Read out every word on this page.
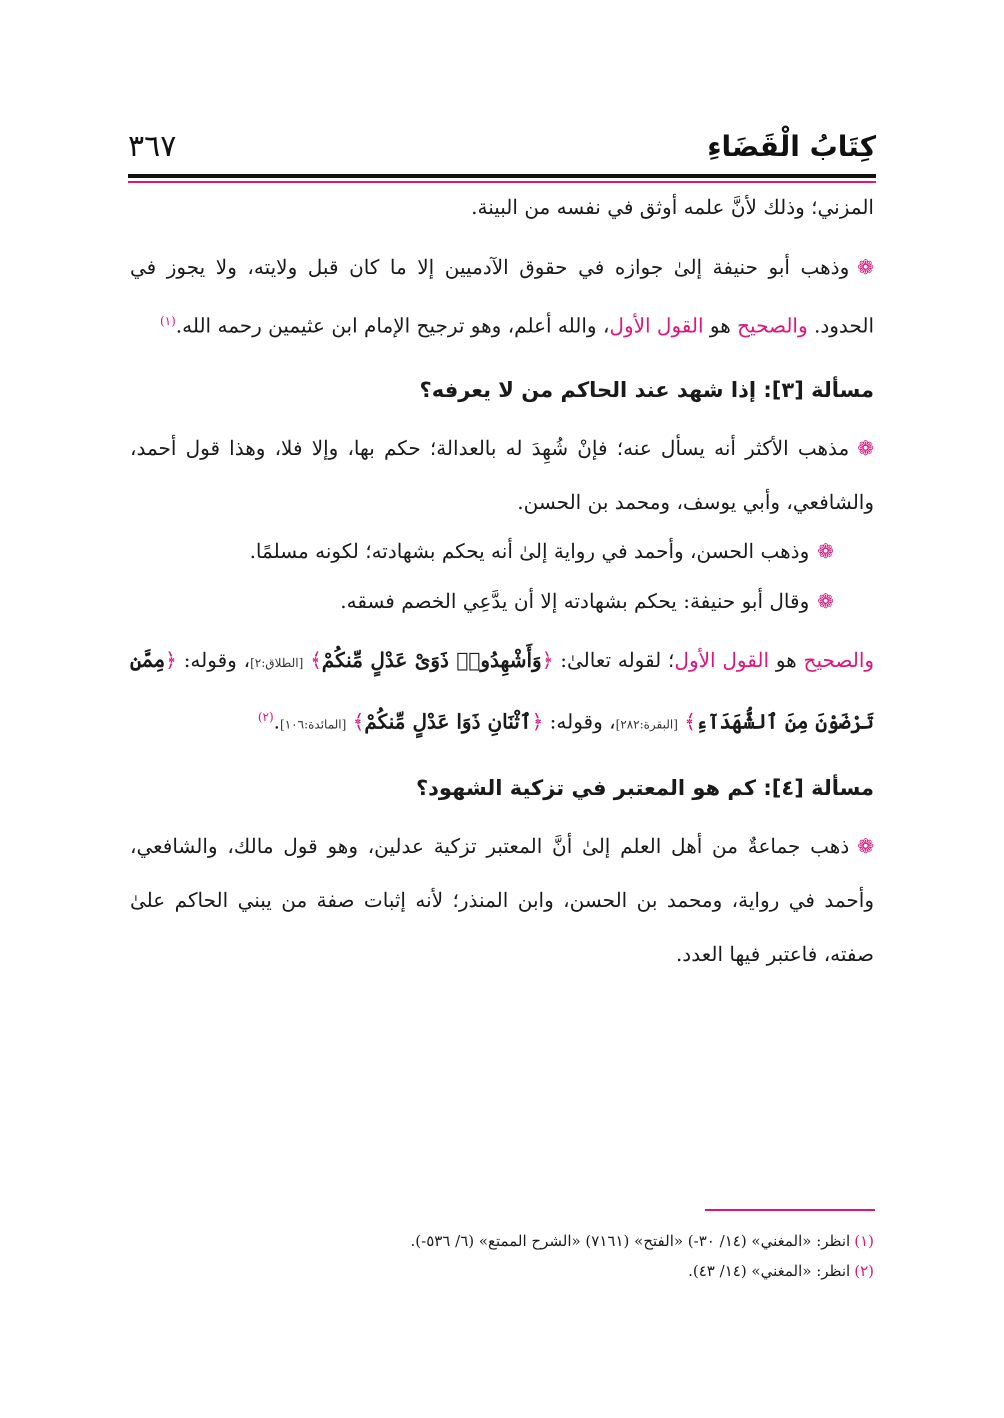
كِتَابُ الْقَضَاءِ
٣٦٧

المزني؛ وذلك لأنَّ علمه أوثق في نفسه من البينة.

❁وذهب أبو حنيفة إلىٰ جوازه في حقوق الآدميين إلا ما كان قبل ولايته، ولا يجوز في الحدود. والصحيح هو القول الأول، والله أعلم، وهو ترجيح الإمام ابن عثيمين رحمه الله.$^{(١)}$

مسألة [٣]: إذا شهد عند الحاكم من لا يعرفه؟

❁مذهب الأكثر أنه يسأل عنه؛ فإنْ شُهِدَ له بالعدالة؛ حكم بها، وإلا فلا، وهذا قول أحمد، والشافعي، وأبي يوسف، ومحمد بن الحسن.

❁وذهب الحسن، وأحمد في رواية إلىٰ أنه يحكم بشهادته؛ لكونه مسلمًا.

❁وقال أبو حنيفة: يحكم بشهادته إلا أن يدَّعِي الخصم فسقه.

والصحيح هو القول الأول؛ لقوله تعالىٰ: ﴿وَأَشْهِدُوا۟ ذَوَىْ عَدْلٍ مِّنكُمْ﴾ [الطلاق:٢]، وقوله: ﴿مِمَّن تَرْضَوْنَ مِنَ ٱلشُّهَدَآءِ﴾ [البقرة:٢٨٢]، وقوله: ﴿ٱثْنَانِ ذَوَا عَدْلٍ مِّنكُمْ﴾ [المائدة:١٠٦].$^{(٢)}$

مسألة [٤]: كم هو المعتبر في تزكية الشهود؟

❁ذهب جماعةٌ من أهل العلم إلىٰ أنَّ المعتبر تزكية عدلين، وهو قول مالك، والشافعي، وأحمد في رواية، ومحمد بن الحسن، وابن المنذر؛ لأنه إثبات صفة من يبني الحاكم علىٰ صفته، فاعتبر فيها العدد.

(١)انظر: «المغني» (١٤/ ٣٠-) «الفتح» (٧١٦١) «الشرح الممتع» (٦/ ٥٣٦-).
(٢)انظر: «المغني» (١٤/ ٤٣).
